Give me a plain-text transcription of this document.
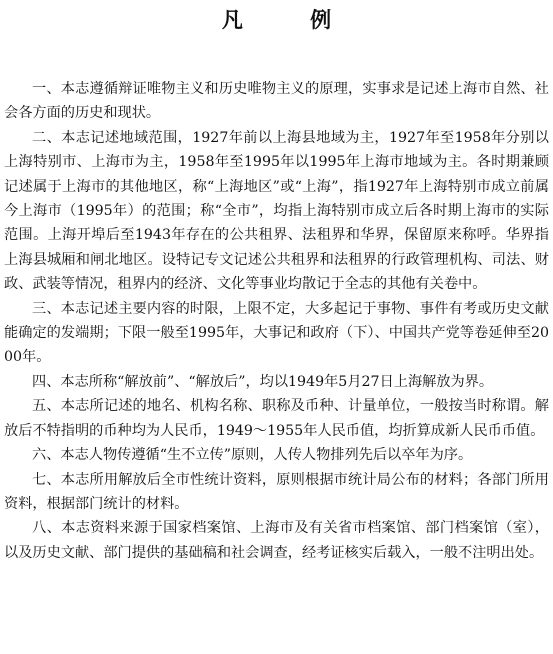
凡 例

一、本志遵循辩证唯物主义和历史唯物主义的原理，实事求是记述上海市自然、社会各方面的历史和现状。

二、本志记述地域范围，1927年前以上海县地域为主，1927年至1958年分别以上海特别市、上海市为主，1958年至1995年以1995年上海市地域为主。各时期兼顾记述属于上海市的其他地区，称“上海地区”或“上海”，指1927年上海特别市成立前属今上海市（1995年）的范围；称“全市”，均指上海特别市成立后各时期上海市的实际范围。上海开埠后至1943年存在的公共租界、法租界和华界，保留原来称呼。华界指上海县城厢和闸北地区。设特记专文记述公共租界和法租界的行政管理机构、司法、财政、武装等情况，租界内的经济、文化等事业均散记于全志的其他有关卷中。

三、本志记述主要内容的时限，上限不定，大多起记于事物、事件有考或历史文献能确定的发端期；下限一般至1995年，大事记和政府（下）、中国共产党等卷延伸至2000年。

四、本志所称“解放前”、“解放后”，均以1949年5月27日上海解放为界。

五、本志所记述的地名、机构名称、职称及币种、计量单位，一般按当时称谓。解放后不特指明的币种均为人民币，1949～1955年人民币值，均折算成新人民币币值。

六、本志人物传遵循“生不立传”原则，人传人物排列先后以卒年为序。

七、本志所用解放后全市性统计资料，原则根据市统计局公布的材料；各部门所用资料，根据部门统计的材料。

八、本志资料来源于国家档案馆、上海市及有关省市档案馆、部门档案馆（室），以及历史文献、部门提供的基础稿和社会调查，经考证核实后载入，一般不注明出处。
